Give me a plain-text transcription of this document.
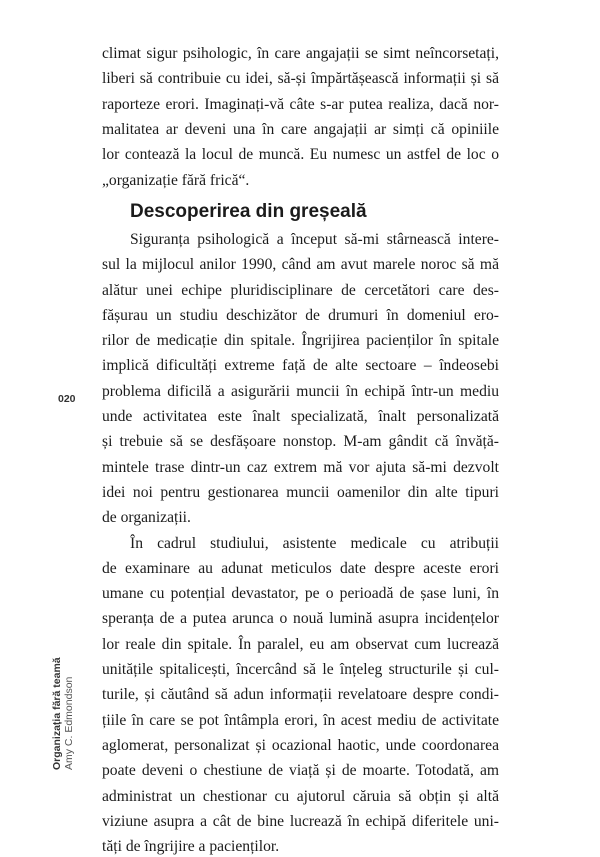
climat sigur psihologic, în care angajații se simt neîncorsetați,
liberi să contribuie cu idei, să-și împărtășească informații și să
raporteze erori. Imaginați-vă câte s-ar putea realiza, dacă nor-
malitatea ar deveni una în care angajații ar simți că opiniile
lor contează la locul de muncă. Eu numesc un astfel de loc o
„organizație fără frică“.
Descoperirea din greșeală
Siguranța psihologică a început să-mi stârnească intere-
sul la mijlocul anilor 1990, când am avut marele noroc să mă
alătur unei echipe pluridisciplinare de cercetători care des-
fășurau un studiu deschizător de drumuri în domeniul ero-
rilor de medicație din spitale. Îngrijirea pacienților în spitale
implică dificultăți extreme față de alte sectoare – îndeosebi
problema dificilă a asigurării muncii în echipă într-un mediu
unde activitatea este înalt specializată, înalt personalizată
și trebuie să se desfășoare nonstop. M-am gândit că învăță-
mintele trase dintr-un caz extrem mă vor ajuta să-mi dezvolt
idei noi pentru gestionarea muncii oamenilor din alte tipuri
de organizații.
În cadrul studiului, asistente medicale cu atribuții
de examinare au adunat meticulos date despre aceste erori
umane cu potențial devastator, pe o perioadă de șase luni, în
speranța de a putea arunca o nouă lumină asupra incidențelor
lor reale din spitale. În paralel, eu am observat cum lucrează
unitățile spitalicești, încercând să le înțeleg structurile și cul-
turile, și căutând să adun informații revelatoare despre condi-
țiile în care se pot întâmpla erori, în acest mediu de activitate
aglomerat, personalizat și ocazional haotic, unde coordonarea
poate deveni o chestiune de viață și de moarte. Totodată, am
administrat un chestionar cu ajutorul căruia să obțin și altă
viziune asupra a cât de bine lucrează în echipă diferitele uni-
tăți de îngrijire a pacienților.
020
Organizația fără teamă Amy C. Edmondson
